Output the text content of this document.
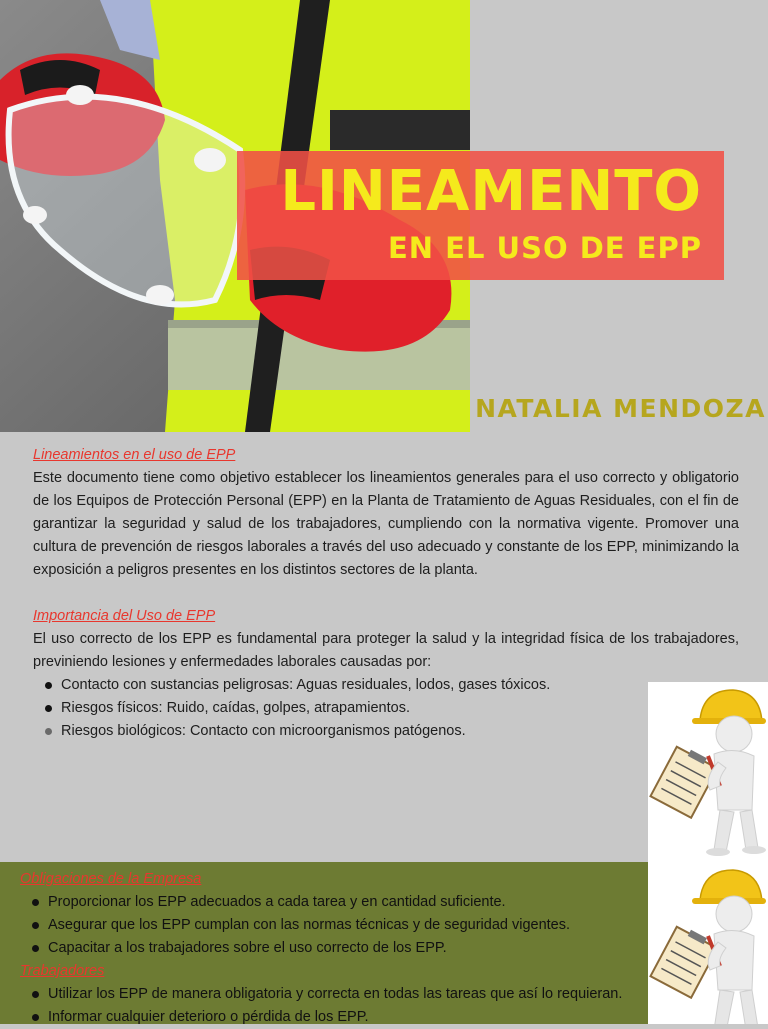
LINEAMENTO
EN EL USO DE EPP
NATALIA MENDOZA
Lineamientos en el uso de EPP

Este documento tiene como objetivo establecer los lineamientos generales para el uso correcto y obligatorio de los Equipos de Protección Personal (EPP) en la Planta de Tratamiento de Aguas Residuales, con el fin de garantizar la seguridad y salud de los trabajadores, cumpliendo con la normativa vigente. Promover una cultura de prevención de riesgos laborales a través del uso adecuado y constante de los EPP, minimizando la exposición a peligros presentes en los distintos sectores de la planta.

Importancia del Uso de EPP

El uso correcto de los EPP es fundamental para proteger la salud y la integridad física de los trabajadores, previniendo lesiones y enfermedades laborales causadas por:

Contacto con sustancias peligrosas: Aguas residuales, lodos, gases tóxicos.
Riesgos físicos: Ruido, caídas, golpes, atrapamientos.
Riesgos biológicos: Contacto con microorganismos patógenos.
Obligaciones de la Empresa
Proporcionar los EPP adecuados a cada tarea y en cantidad suficiente.
Asegurar que los EPP cumplan con las normas técnicas y de seguridad vigentes.
Capacitar a los trabajadores sobre el uso correcto de los EPP.
Trabajadores
Utilizar los EPP de manera obligatoria y correcta en todas las tareas que así lo requieran.
Informar cualquier deterioro o pérdida de los EPP.
